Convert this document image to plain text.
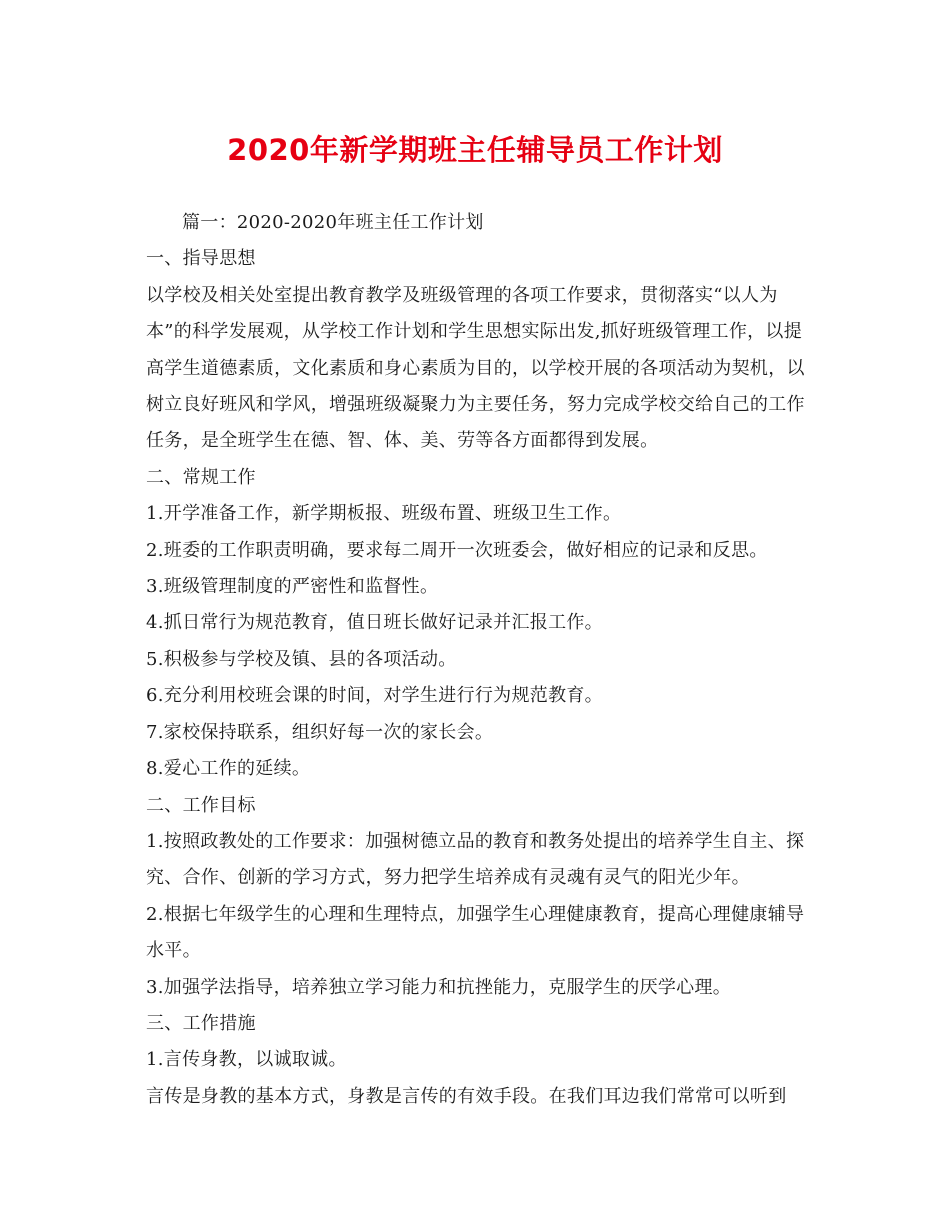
2020年新学期班主任辅导员工作计划

篇一：2020-2020年班主任工作计划

一、指导思想

以学校及相关处室提出教育教学及班级管理的各项工作要求，贯彻落实“以人为本”的科学发展观，从学校工作计划和学生思想实际出发,抓好班级管理工作，以提高学生道德素质，文化素质和身心素质为目的，以学校开展的各项活动为契机，以树立良好班风和学风，增强班级凝聚力为主要任务，努力完成学校交给自己的工作任务，是全班学生在德、智、体、美、劳等各方面都得到发展。

二、常规工作

1.开学准备工作，新学期板报、班级布置、班级卫生工作。

2.班委的工作职责明确，要求每二周开一次班委会，做好相应的记录和反思。

3.班级管理制度的严密性和监督性。

4.抓日常行为规范教育，值日班长做好记录并汇报工作。

5.积极参与学校及镇、县的各项活动。

6.充分利用校班会课的时间，对学生进行行为规范教育。

7.家校保持联系，组织好每一次的家长会。

8.爱心工作的延续。

二、工作目标

1.按照政教处的工作要求：加强树德立品的教育和教务处提出的培养学生自主、探究、合作、创新的学习方式，努力把学生培养成有灵魂有灵气的阳光少年。

2.根据七年级学生的心理和生理特点，加强学生心理健康教育，提高心理健康辅导水平。

3.加强学法指导，培养独立学习能力和抗挫能力，克服学生的厌学心理。

三、工作措施

1.言传身教，以诚取诚。

言传是身教的基本方式，身教是言传的有效手段。在我们耳边我们常常可以听到
